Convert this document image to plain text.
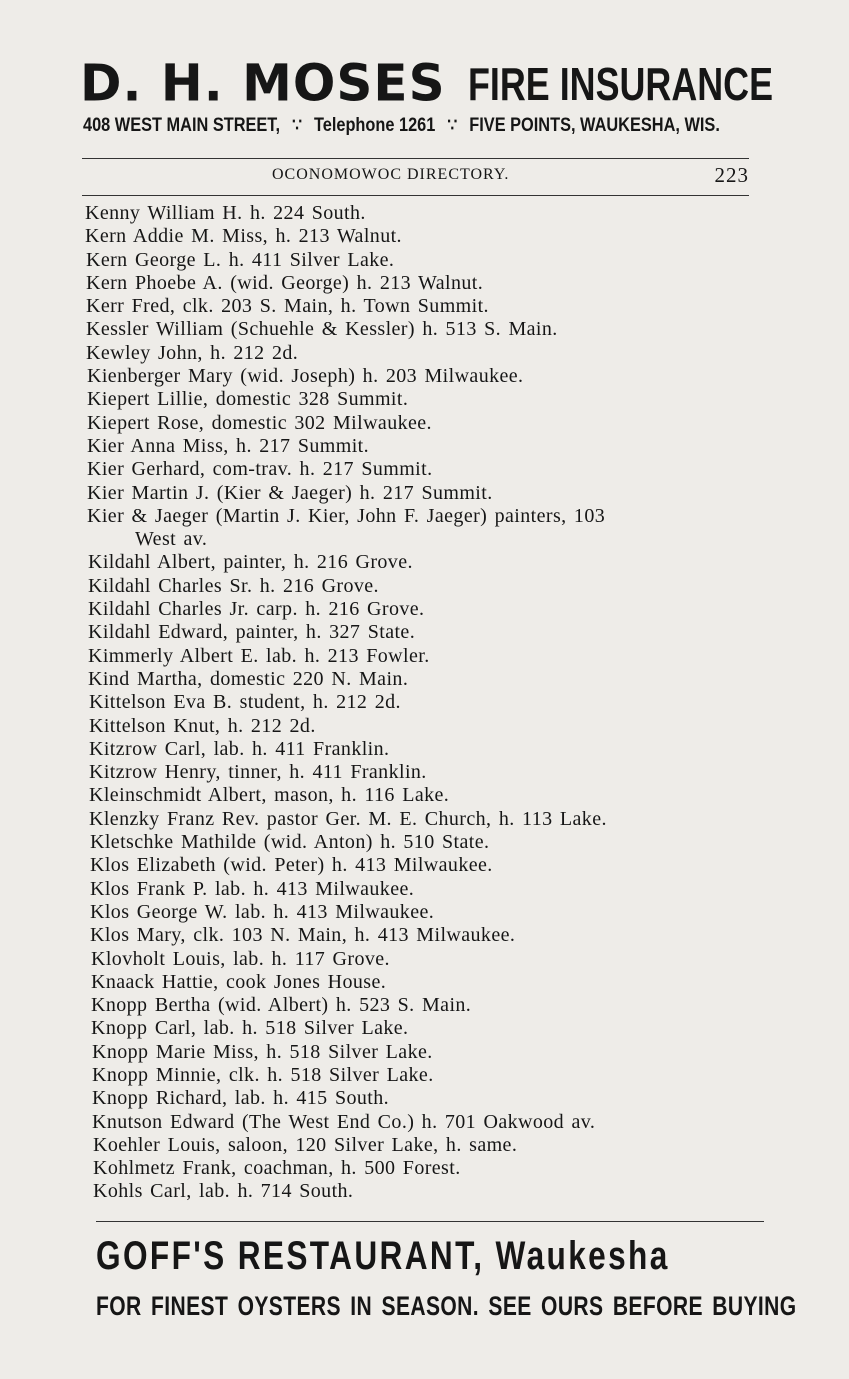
D. H. MOSES FIRE INSURANCE
408 WEST MAIN STREET, ∵ Telephone 1261 ∵ FIVE POINTS, WAUKESHA, WIS.
OCONOMOWOC DIRECTORY.	223
Kenny William H. h. 224 South.
Kern Addie M. Miss, h. 213 Walnut.
Kern George L. h. 411 Silver Lake.
Kern Phoebe A. (wid. George) h. 213 Walnut.
Kerr Fred, clk. 203 S. Main, h. Town Summit.
Kessler William (Schuehle & Kessler) h. 513 S. Main.
Kewley John, h. 212 2d.
Kienberger Mary (wid. Joseph) h. 203 Milwaukee.
Kiepert Lillie, domestic 328 Summit.
Kiepert Rose, domestic 302 Milwaukee.
Kier Anna Miss, h. 217 Summit.
Kier Gerhard, com-trav. h. 217 Summit.
Kier Martin J. (Kier & Jaeger) h. 217 Summit.
Kier & Jaeger (Martin J. Kier, John F. Jaeger) painters, 103
West av.
Kildahl Albert, painter, h. 216 Grove.
Kildahl Charles Sr. h. 216 Grove.
Kildahl Charles Jr. carp. h. 216 Grove.
Kildahl Edward, painter, h. 327 State.
Kimmerly Albert E. lab. h. 213 Fowler.
Kind Martha, domestic 220 N. Main.
Kittelson Eva B. student, h. 212 2d.
Kittelson Knut, h. 212 2d.
Kitzrow Carl, lab. h. 411 Franklin.
Kitzrow Henry, tinner, h. 411 Franklin.
Kleinschmidt Albert, mason, h. 116 Lake.
Klenzky Franz Rev. pastor Ger. M. E. Church, h. 113 Lake.
Kletschke Mathilde (wid. Anton) h. 510 State.
Klos Elizabeth (wid. Peter) h. 413 Milwaukee.
Klos Frank P. lab. h. 413 Milwaukee.
Klos George W. lab. h. 413 Milwaukee.
Klos Mary, clk. 103 N. Main, h. 413 Milwaukee.
Klovholt Louis, lab. h. 117 Grove.
Knaack Hattie, cook Jones House.
Knopp Bertha (wid. Albert) h. 523 S. Main.
Knopp Carl, lab. h. 518 Silver Lake.
Knopp Marie Miss, h. 518 Silver Lake.
Knopp Minnie, clk. h. 518 Silver Lake.
Knopp Richard, lab. h. 415 South.
Knutson Edward (The West End Co.) h. 701 Oakwood av.
Koehler Louis, saloon, 120 Silver Lake, h. same.
Kohlmetz Frank, coachman, h. 500 Forest.
Kohls Carl, lab. h. 714 South.
GOFF'S RESTAURANT, Waukesha
FOR FINEST OYSTERS IN SEASON. SEE OURS BEFORE BUYING
